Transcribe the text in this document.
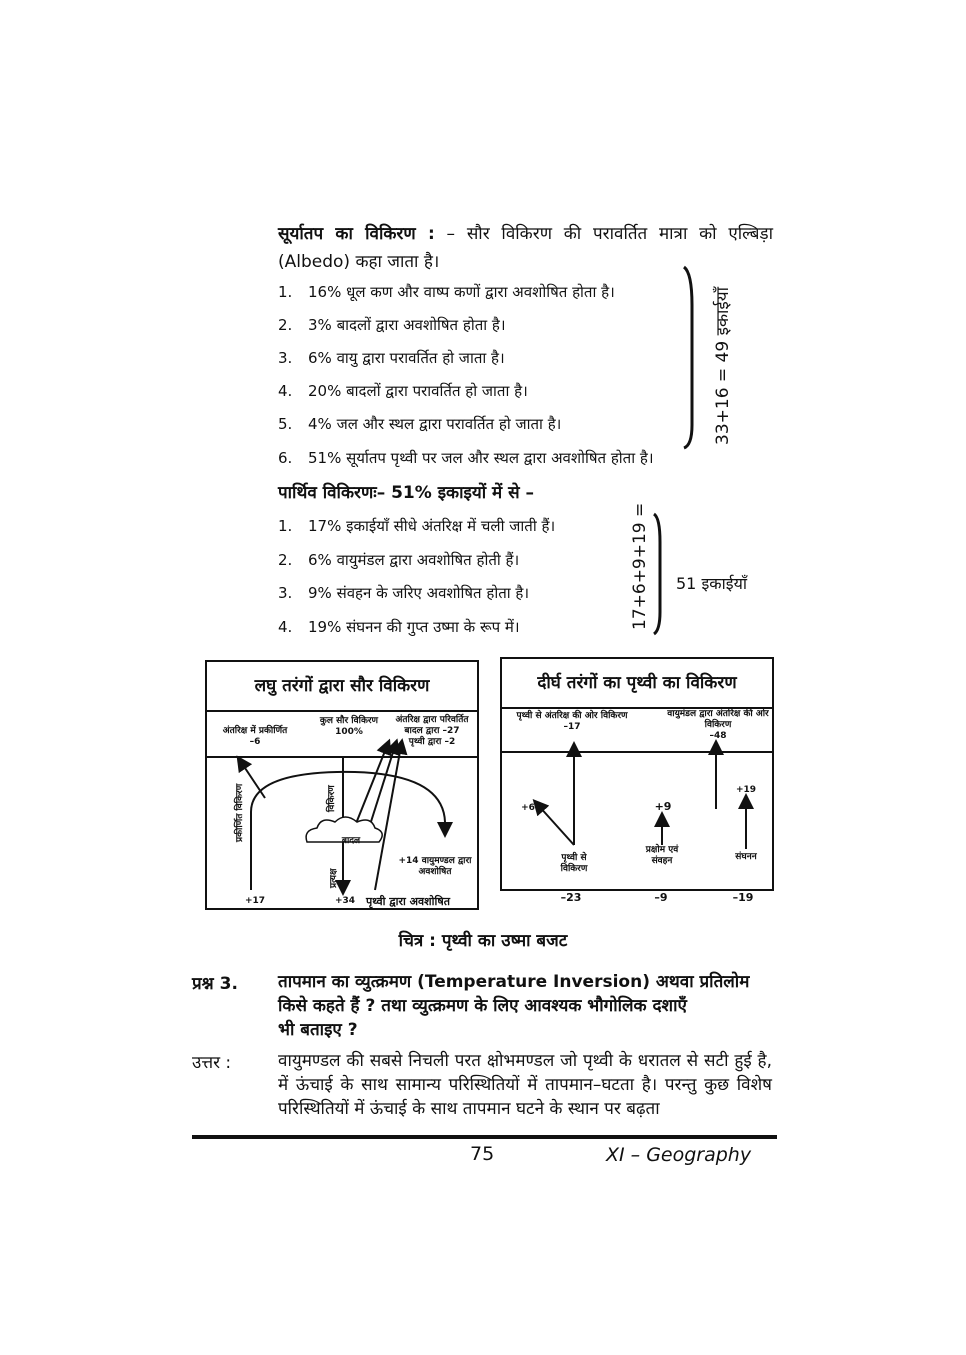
सूर्यातप का विकिरण : – सौर विकिरण की परावर्तित मात्रा को एल्बिड़ा (Albedo) कहा जाता है।
1. 16% धूल कण और वाष्प कणों द्वारा अवशोषित होता है।
2. 3% बादलों द्वारा अवशोषित होता है।
3. 6% वायु द्वारा परावर्तित हो जाता है।
4. 20% बादलों द्वारा परावर्तित हो जाता है।
5. 4% जल और स्थल द्वारा परावर्तित हो जाता है।
6. 51% सूर्यातप पृथ्वी पर जल और स्थल द्वारा अवशोषित होता है।
33+16 = 49 इकाईयाँ
पार्थिव विकिरणः– 51% इकाइयों में से –
1. 17% इकाईयाँ सीधे अंतरिक्ष में चली जाती हैं।
2. 6% वायुमंडल द्वारा अवशोषित होती हैं।
3. 9% संवहन के जरिए अवशोषित होता है।
4. 19% संघनन की गुप्त उष्मा के रूप में।	17+6+9+19 = 51 इकाईयाँ
लघु तरंगों द्वारा सौर विकिरण
अंतरिक्ष में प्रकीर्णित
–6
कुल सौर विकिरण
100%
अंतरिक्ष द्वारा परिवर्तित
बादल द्वारा –27
पृथ्वी द्वारा –2
प्रकीर्णित विकिरण	विकिरण
बादल
प्रत्यक्ष
+14 वायुमण्डल द्वारा अवशोषित
+17	+34 पृथ्वी द्वारा अवशोषित
दीर्घ तरंगों का पृथ्वी का विकिरण
पृथ्वी से अंतरिक्ष की ओर विकिरण
–17
वायुमंडल द्वारा अंतरिक्ष की ओर विकिरण
–48
+6	+9
+19
पृथ्वी से विकिरण
प्रक्षोम एवं संवहन	संघनन
–23	–9	–19
चित्र : पृथ्वी का उष्मा बजट
प्रश्न 3.	तापमान का व्युत्क्रमण (Temperature Inversion) अथवा प्रतिलोम
किसे कहते हैं ? तथा व्युत्क्रमण के लिए आवश्यक भौगोलिक दशाएँ
भी बताइए ?
उत्तर :	वायुमण्डल की सबसे निचली परत क्षोभमण्डल जो पृथ्वी के धरातल से सटी हुई है, में ऊंचाई के साथ सामान्य परिस्थितियों में तापमान–घटता है। परन्तु कुछ विशेष परिस्थितियों में ऊंचाई के साथ तापमान घटने के स्थान पर बढ़ता
75	XI – Geography
